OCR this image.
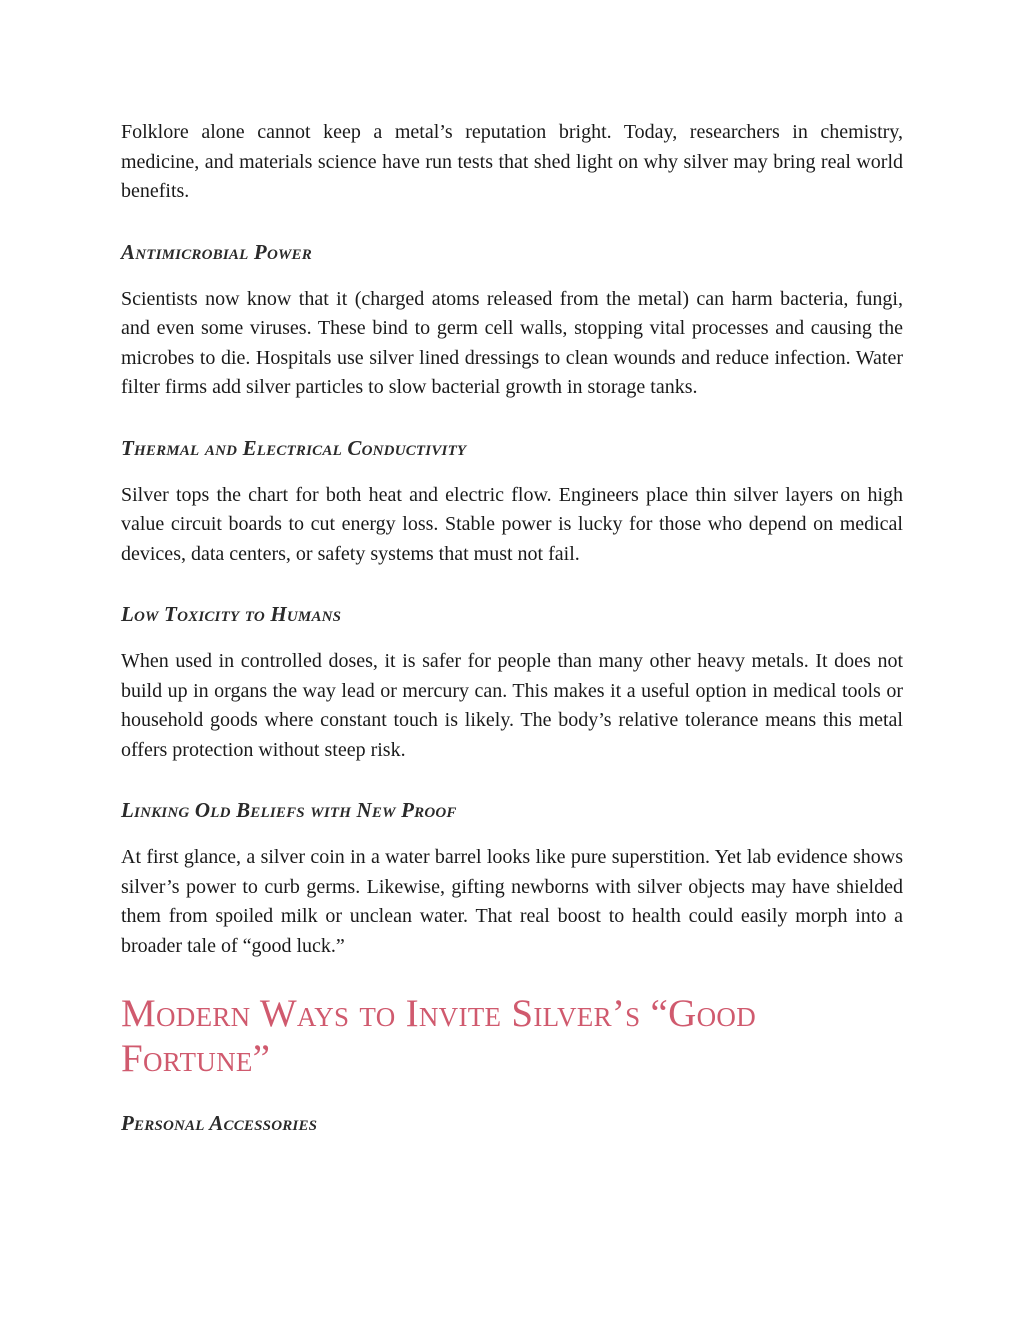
Folklore alone cannot keep a metal’s reputation bright. Today, researchers in chemistry, medicine, and materials science have run tests that shed light on why silver may bring real world benefits.

Antimicrobial Power

Scientists now know that it (charged atoms released from the metal) can harm bacteria, fungi, and even some viruses. These bind to germ cell walls, stopping vital processes and causing the microbes to die. Hospitals use silver lined dressings to clean wounds and reduce infection. Water filter firms add silver particles to slow bacterial growth in storage tanks.

Thermal and Electrical Conductivity

Silver tops the chart for both heat and electric flow. Engineers place thin silver layers on high value circuit boards to cut energy loss. Stable power is lucky for those who depend on medical devices, data centers, or safety systems that must not fail.

Low Toxicity to Humans

When used in controlled doses, it is safer for people than many other heavy metals. It does not build up in organs the way lead or mercury can. This makes it a useful option in medical tools or household goods where constant touch is likely. The body’s relative tolerance means this metal offers protection without steep risk.

Linking Old Beliefs with New Proof

At first glance, a silver coin in a water barrel looks like pure superstition. Yet lab evidence shows silver’s power to curb germs. Likewise, gifting newborns with silver objects may have shielded them from spoiled milk or unclean water. That real boost to health could easily morph into a broader tale of “good luck.”

Modern Ways to Invite Silver’s “Good Fortune”
Personal Accessories
